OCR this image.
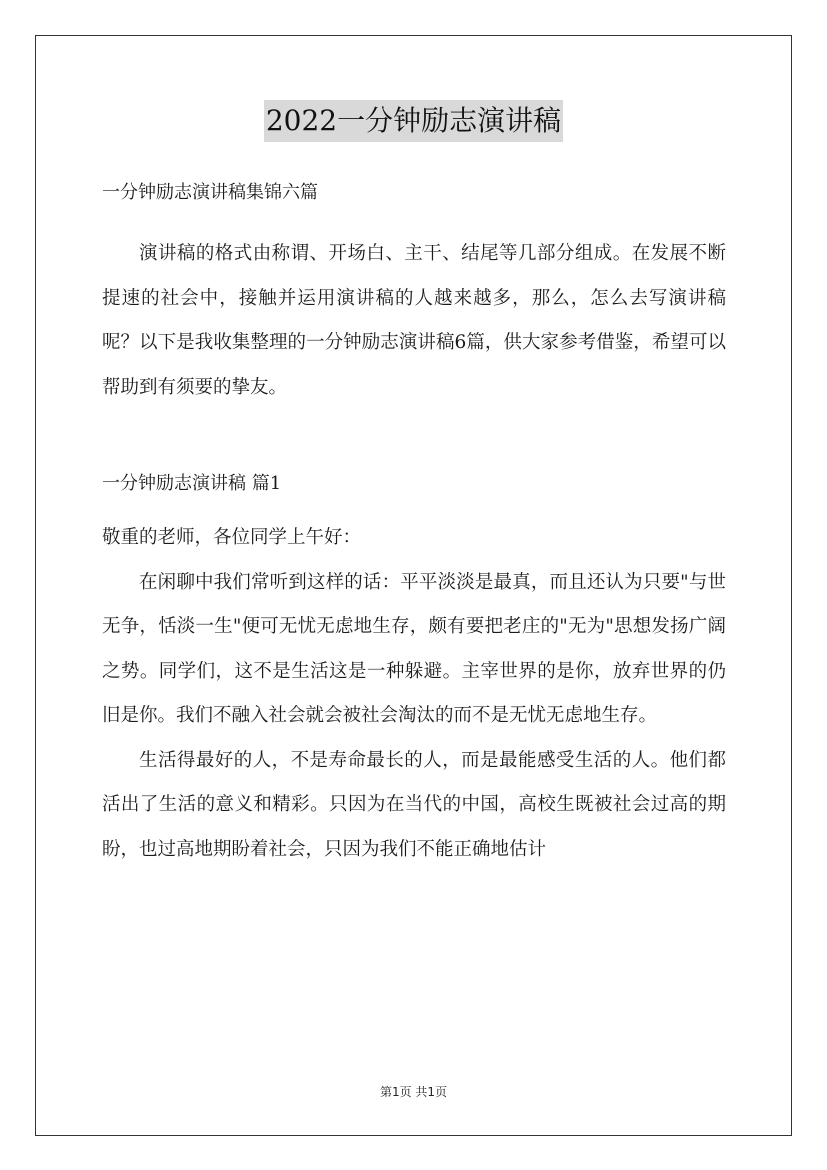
2022一分钟励志演讲稿

一分钟励志演讲稿集锦六篇

演讲稿的格式由称谓、开场白、主干、结尾等几部分组成。在发展不断提速的社会中，接触并运用演讲稿的人越来越多，那么，怎么去写演讲稿呢？以下是我收集整理的一分钟励志演讲稿6篇，供大家参考借鉴，希望可以帮助到有须要的挚友。

一分钟励志演讲稿 篇1

敬重的老师，各位同学上午好：

在闲聊中我们常听到这样的话：平平淡淡是最真，而且还认为只要"与世无争，恬淡一生"便可无忧无虑地生存，颇有要把老庄的"无为"思想发扬广阔之势。同学们，这不是生活这是一种躲避。主宰世界的是你，放弃世界的仍旧是你。我们不融入社会就会被社会淘汰的而不是无忧无虑地生存。

生活得最好的人，不是寿命最长的人，而是最能感受生活的人。他们都活出了生活的意义和精彩。只因为在当代的中国，高校生既被社会过高的期盼，也过高地期盼着社会，只因为我们不能正确地估计

第1页 共1页
